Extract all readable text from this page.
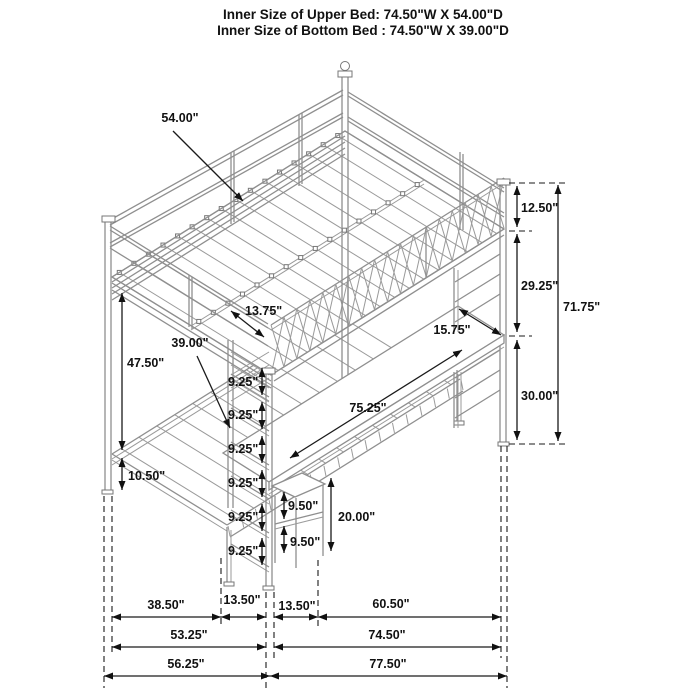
Inner Size of Upper Bed: 74.50"W X 54.00"D
Inner Size of Bottom Bed : 74.50"W X 39.00"D
54.00"
12.50"
29.25"
71.75"
30.00"
15.75"
13.75"
39.00"
47.50"
10.50"
75.25"
20.00"
9.25"
9.25"
9.25"
9.25"
9.25"
9.25"
9.50"
9.50"
38.50"	13.50" 13.50"	60.50"
53.25"	74.50"
56.25"	77.50"
